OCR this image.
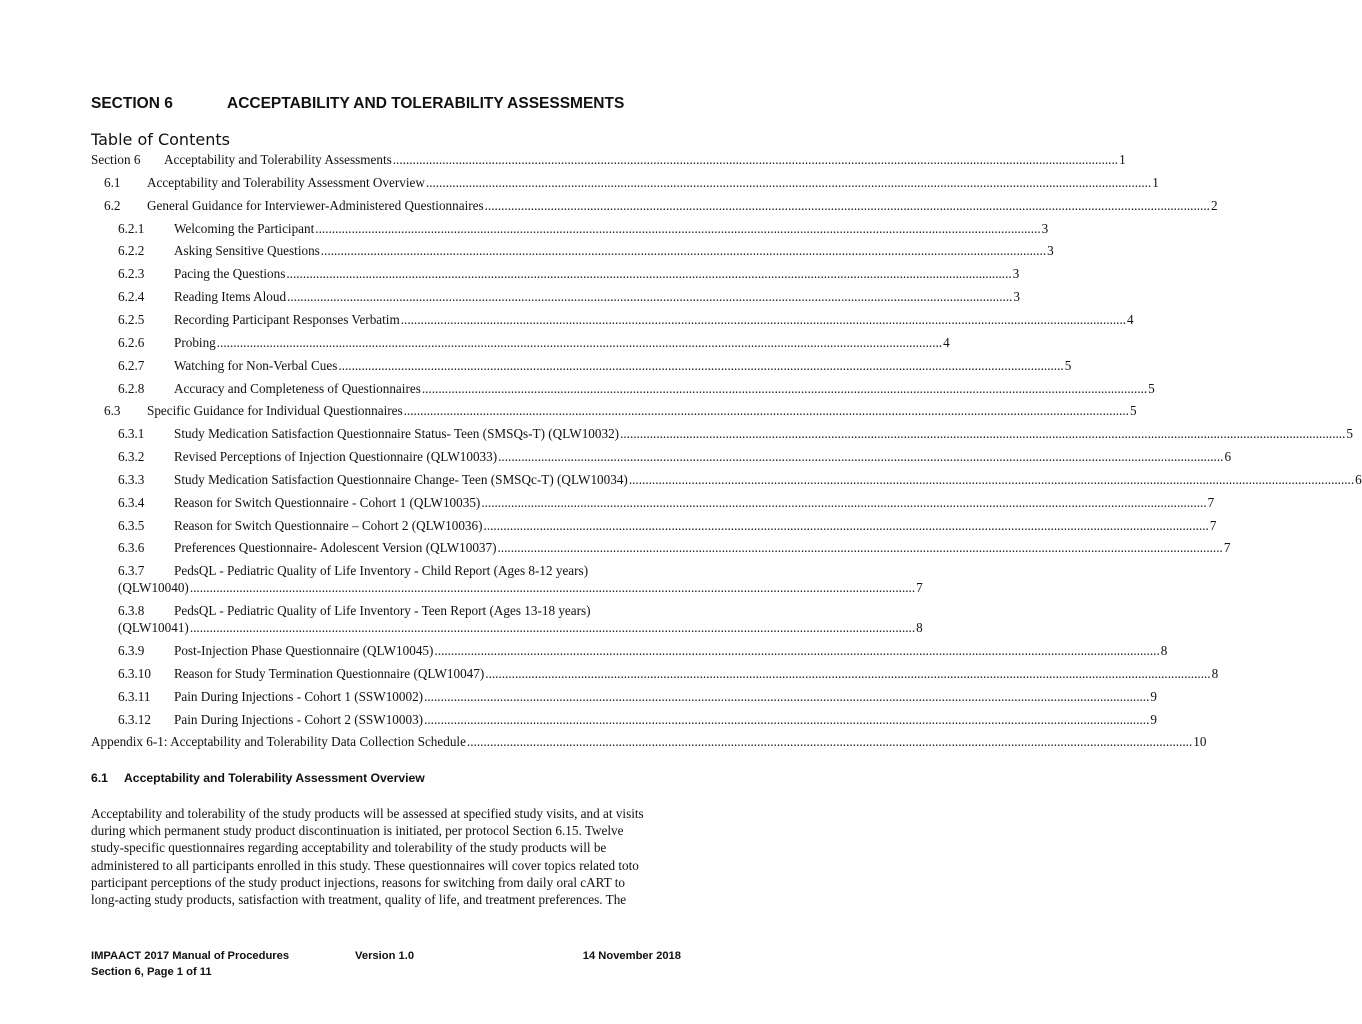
SECTION 6	ACCEPTABILITY AND TOLERABILITY ASSESSMENTS
Table of Contents
Section 6 Acceptability and Tolerability Assessments ............................................................................................................................................................................................................................ 1
6.1 Acceptability and Tolerability Assessment Overview ............................................................................................................................................................................................................................ 1
6.2 General Guidance for Interviewer-Administered Questionnaires ............................................................................................................................................................................................................................ 2
6.2.1 Welcoming the Participant ............................................................................................................................................................................................................................ 3
6.2.2 Asking Sensitive Questions ............................................................................................................................................................................................................................ 3
6.2.3 Pacing the Questions ............................................................................................................................................................................................................................ 3
6.2.4 Reading Items Aloud ............................................................................................................................................................................................................................ 3
6.2.5 Recording Participant Responses Verbatim ............................................................................................................................................................................................................................ 4
6.2.6 Probing ............................................................................................................................................................................................................................ 4
6.2.7 Watching for Non-Verbal Cues ............................................................................................................................................................................................................................ 5
6.2.8 Accuracy and Completeness of Questionnaires ............................................................................................................................................................................................................................ 5
6.3 Specific Guidance for Individual Questionnaires ............................................................................................................................................................................................................................ 5
6.3.1 Study Medication Satisfaction Questionnaire Status- Teen (SMSQs-T) (QLW10032) ............................................................................................................................................................................................................................ 5
6.3.2 Revised Perceptions of Injection Questionnaire (QLW10033) ............................................................................................................................................................................................................................ 6
6.3.3 Study Medication Satisfaction Questionnaire Change- Teen (SMSQc-T) (QLW10034) ............................................................................................................................................................................................................................ 6
6.3.4 Reason for Switch Questionnaire - Cohort 1 (QLW10035) ............................................................................................................................................................................................................................ 7
6.3.5 Reason for Switch Questionnaire – Cohort 2 (QLW10036) ............................................................................................................................................................................................................................ 7
6.3.6 Preferences Questionnaire- Adolescent Version (QLW10037) ............................................................................................................................................................................................................................ 7
6.3.7 PedsQL - Pediatric Quality of Life Inventory - Child Report (Ages 8-12 years)
(QLW10040) ............................................................................................................................................................................................................................ 7
6.3.8 PedsQL - Pediatric Quality of Life Inventory - Teen Report (Ages 13-18 years)
(QLW10041) ............................................................................................................................................................................................................................ 8
6.3.9 Post-Injection Phase Questionnaire (QLW10045) ............................................................................................................................................................................................................................ 8
6.3.10 Reason for Study Termination Questionnaire (QLW10047) ............................................................................................................................................................................................................................ 8
6.3.11 Pain During Injections - Cohort 1 (SSW10002) ............................................................................................................................................................................................................................ 9
6.3.12 Pain During Injections - Cohort 2 (SSW10003) ............................................................................................................................................................................................................................ 9
Appendix 6-1: Acceptability and Tolerability Data Collection Schedule ............................................................................................................................................................................................................................ 10
6.1 Acceptability and Tolerability Assessment Overview
Acceptability and tolerability of the study products will be assessed at specified study visits, and at visits
during which permanent study product discontinuation is initiated, per protocol Section 6.15. Twelve
study-specific questionnaires regarding acceptability and tolerability of the study products will be
administered to all participants enrolled in this study. These questionnaires will cover topics related toto
participant perceptions of the study product injections, reasons for switching from daily oral cART to
long-acting study products, satisfaction with treatment, quality of life, and treatment preferences. The
IMPAACT 2017 Manual of Procedures	Version 1.0	14 November 2018
Section 6, Page 1 of 11
